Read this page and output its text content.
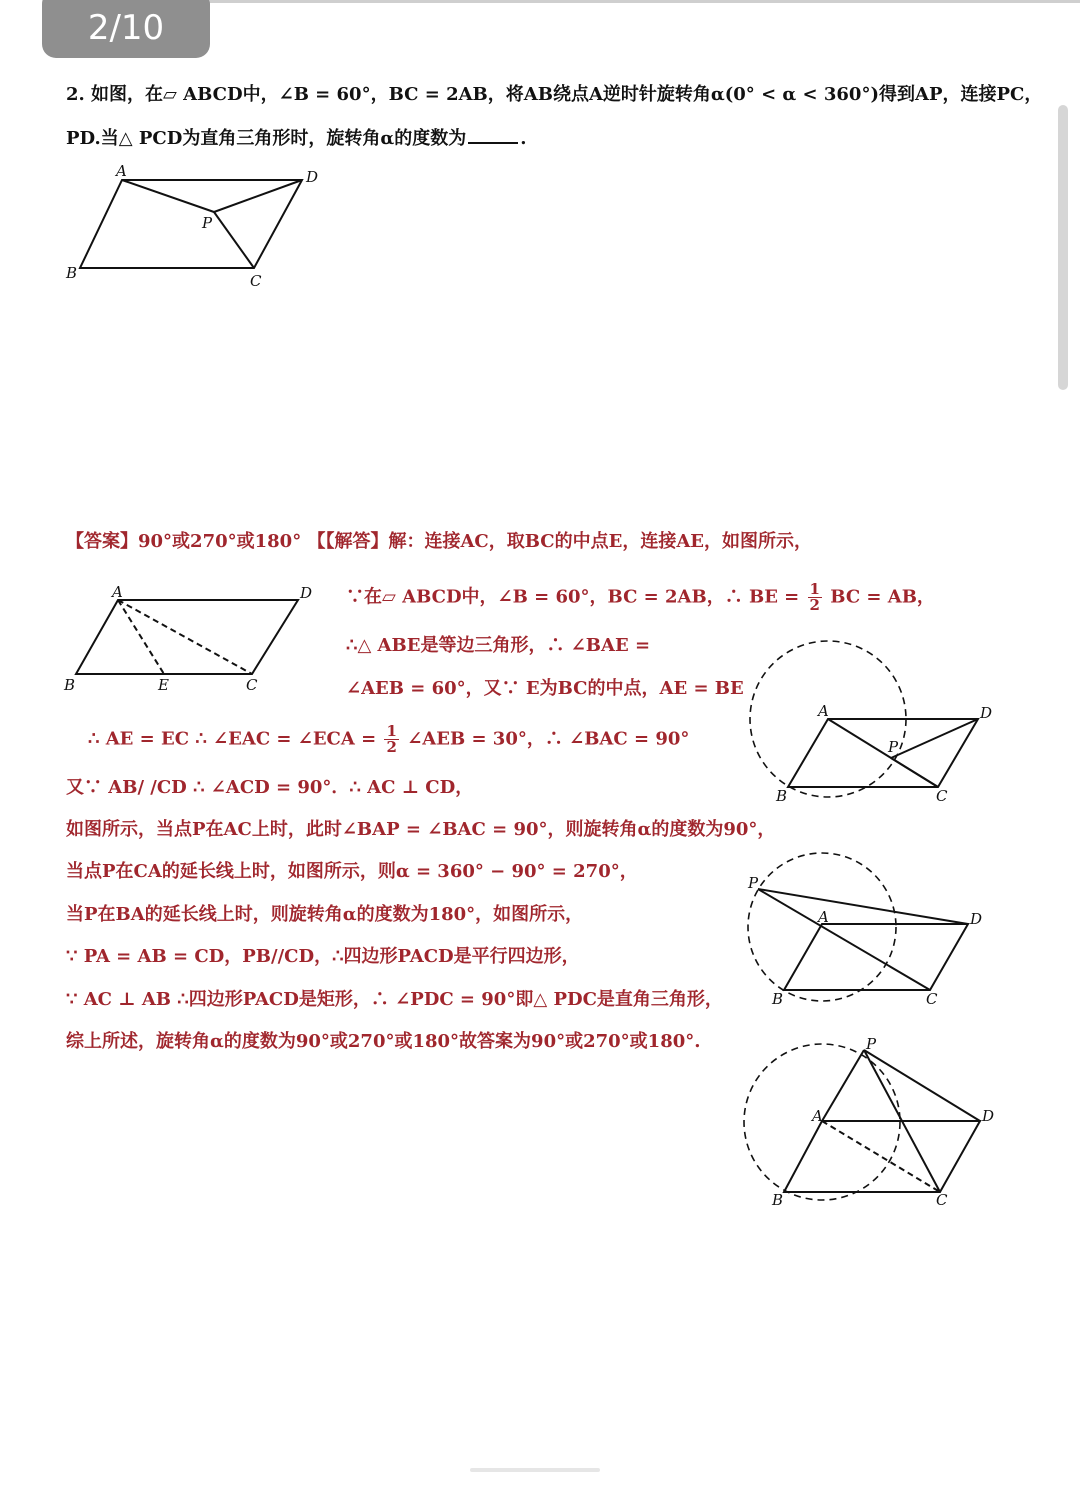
2/10
2. 如图，在▱ ABCD中，∠B = 60°，BC = 2AB，将AB绕点A逆时针旋转角α(0° < α < 360°)得到AP，连接PC，
PD.当△ PCD为直角三角形时，旋转角α的度数为	.
A	D
P
B	C
【答案】90°或270°或180° 【【解答】解：连接AC，取BC的中点E，连接AE，如图所示，
A	D
B	E	C
∵在▱ ABCD中，∠B = 60°，BC = 2AB，∴ BE = $\frac{1}{2}$ BC = AB，
∴△ ABE是等边三角形，∴ ∠BAE =
∠AEB = 60°，又∵ E为BC的中点，AE = BE
∴ AE = EC ∴ ∠EAC = ∠ECA = $\frac{1}{2}$ ∠AEB = 30°，∴ ∠BAC = 90°
又∵ AB/ /CD ∴ ∠ACD = 90°．∴ AC ⊥ CD，
如图所示，当点P在AC上时，此时∠BAP = ∠BAC = 90°，则旋转角α的度数为90°，
当点P在CA的延长线上时，如图所示，则α = 360° − 90° = 270°，
当P在BA的延长线上时，则旋转角α的度数为180°，如图所示，
∵ PA = AB = CD，PB//CD，∴四边形PACD是平行四边形，
∵ AC ⊥ AB ∴四边形PACD是矩形，∴ ∠PDC = 90°即△ PDC是直角三角形，
综上所述，旋转角α的度数为90°或270°或180°故答案为90°或270°或180°.
A	D
P
B	C
P
A	D
B	C
P
A	D
B	C
